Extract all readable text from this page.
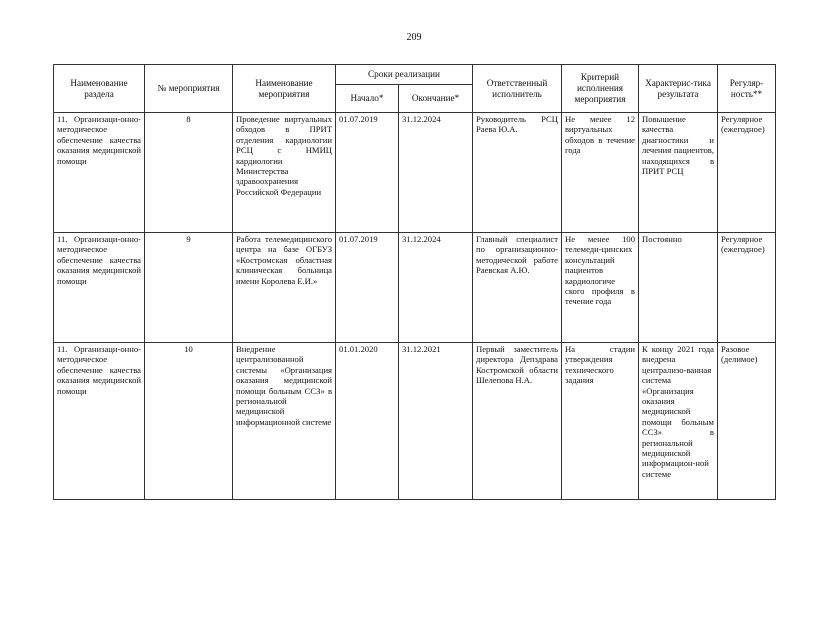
209
Наименование раздела	№ мероприятия	Наименование мероприятия	Сроки реализации		Ответственный исполнитель	Критерий исполнения мероприятия	Характерис-тика результата	Регуляр-ность**
			Начало*	Окончание*				
11. Организаци-онно-методическое обеспечение качества оказания медицинской помощи	8	Проведение виртуальных обходов в ПРИТ отделения кардиологии РСЦ с НМИЦ кардиологии Министерства здравоохранения Российской Федерации	01.07.2019	31.12.2024	Руководитель РСЦ Раева Ю.А.	Не менее 12 виртуальных обходов в течение года	Повышение качества диагностики и лечения пациентов, находящихся в ПРИТ РСЦ	Регулярное (ежегодное)
11. Организаци-онно-методическое обеспечение качества оказания медицинской помощи	9	Работа телемедицинского центра на базе ОГБУЗ «Костромская областная клиническая больница имени Королева Е.И.»	01.07.2019	31.12.2024	Главный специалист по организационно-методической работе Раевская А.Ю.	Не менее 100 телемеди-цинских консультаций пациентов кардиологиче ского профиля в течение года	Постоянно	Регулярное (ежегодное)
11. Организаци-онно-методическое обеспечение качества оказания медицинской помощи	10	Внедрение централизованной системы «Организация оказания медицинской помощи больным ССЗ» в региональной медицинской информационной системе	01.01.2020	31.12.2021	Первый заместитель директора Депздрава Костромской области Шелепова Н.А.	На стадии утверждения технического задания	К концу 2021 года внедрена централизо-ванная система «Организация оказания медицинской помощи больным ССЗ» в региональной медицинской информацион-ной системе	Разовое (делимое)
